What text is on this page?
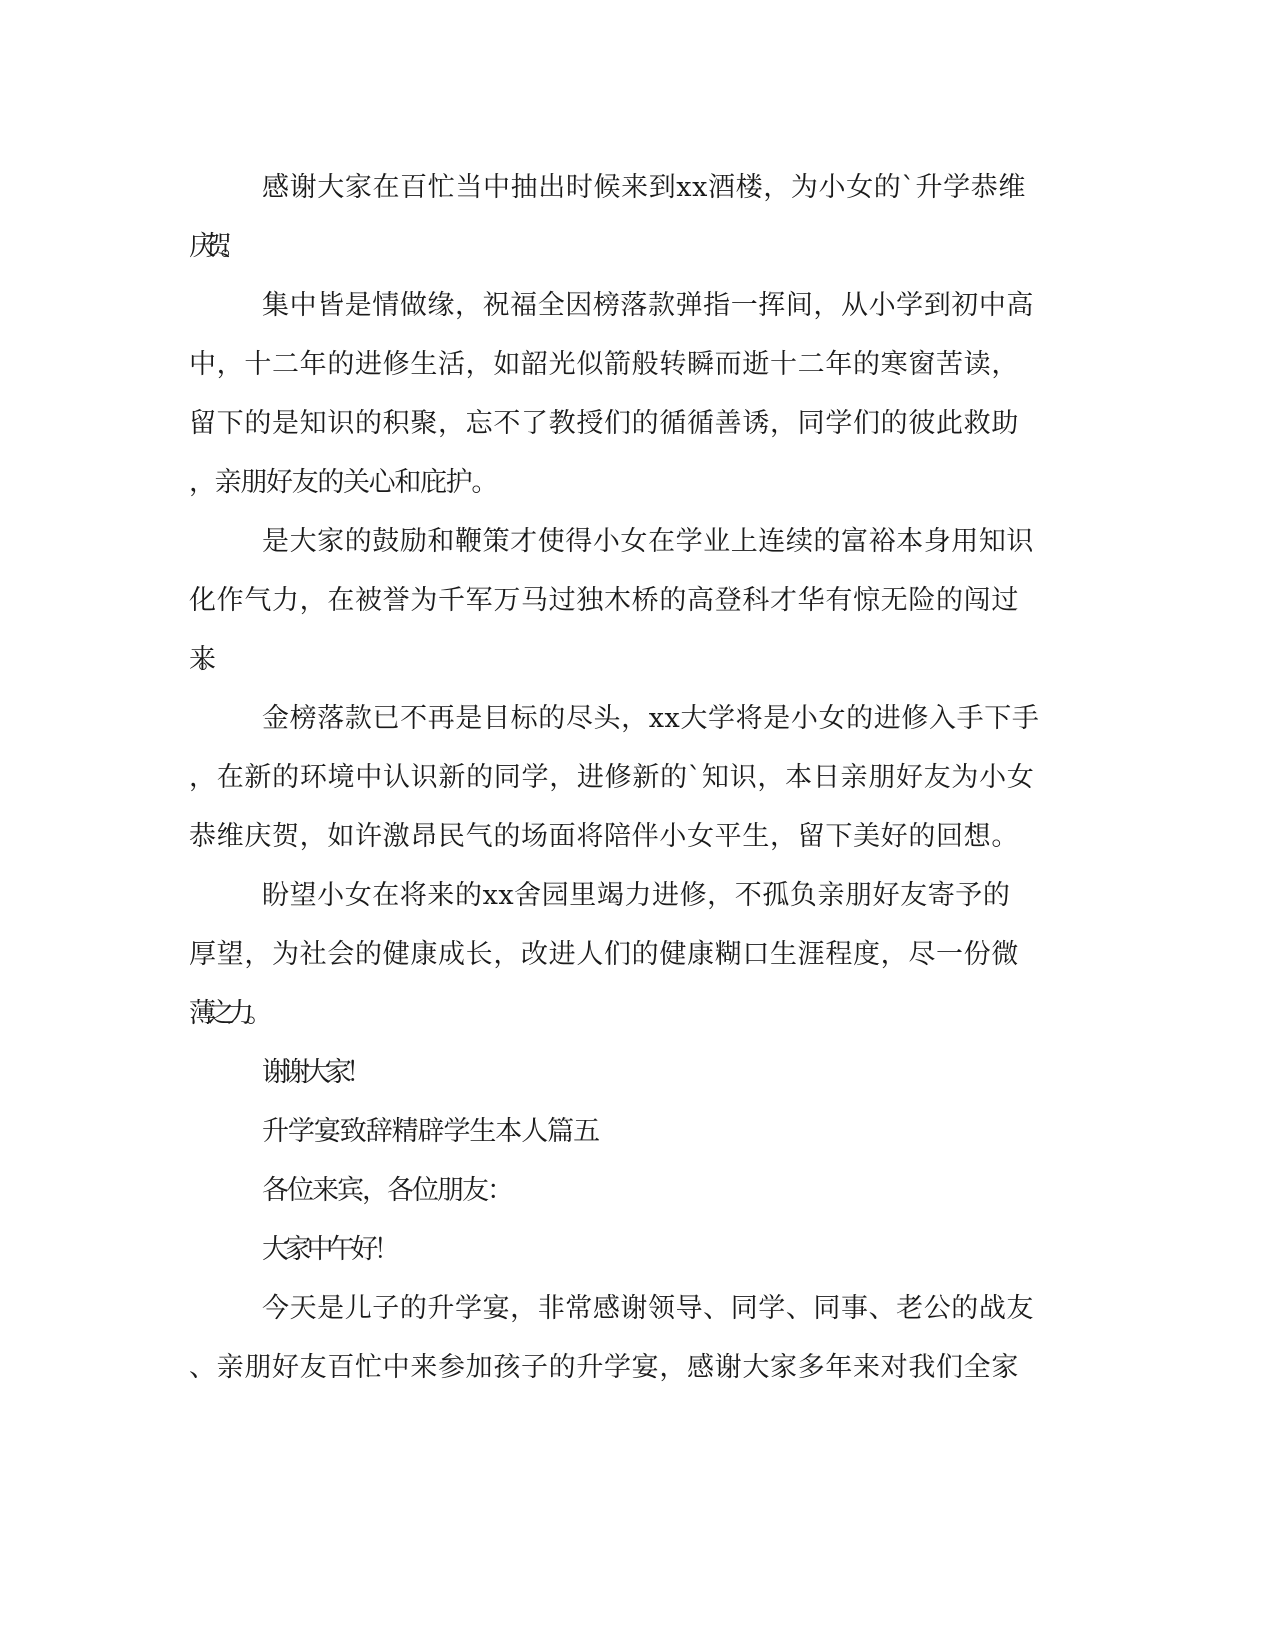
感谢大家在百忙当中抽出时候来到xx酒楼，为小女的`升学恭维
庆贺。
集中皆是情做缘，祝福全因榜落款弹指一挥间，从小学到初中高
中，十二年的进修生活，如韶光似箭般转瞬而逝十二年的寒窗苦读，
留下的是知识的积聚，忘不了教授们的循循善诱，同学们的彼此救助
，亲朋好友的关心和庇护。
是大家的鼓励和鞭策才使得小女在学业上连续的富裕本身用知识
化作气力，在被誉为千军万马过独木桥的高登科才华有惊无险的闯过
来。
金榜落款已不再是目标的尽头，xx大学将是小女的进修入手下手
，在新的环境中认识新的同学，进修新的`知识，本日亲朋好友为小女
恭维庆贺，如许激昂民气的场面将陪伴小女平生，留下美好的回想。
盼望小女在将来的xx舍园里竭力进修，不孤负亲朋好友寄予的
厚望，为社会的健康成长，改进人们的健康糊口生涯程度，尽一份微
薄之力。
谢谢大家！
升学宴致辞精辟学生本人篇五
各位来宾，各位朋友：
大家中午好！
今天是儿子的升学宴，非常感谢领导、同学、同事、老公的战友
、亲朋好友百忙中来参加孩子的升学宴，感谢大家多年来对我们全家
